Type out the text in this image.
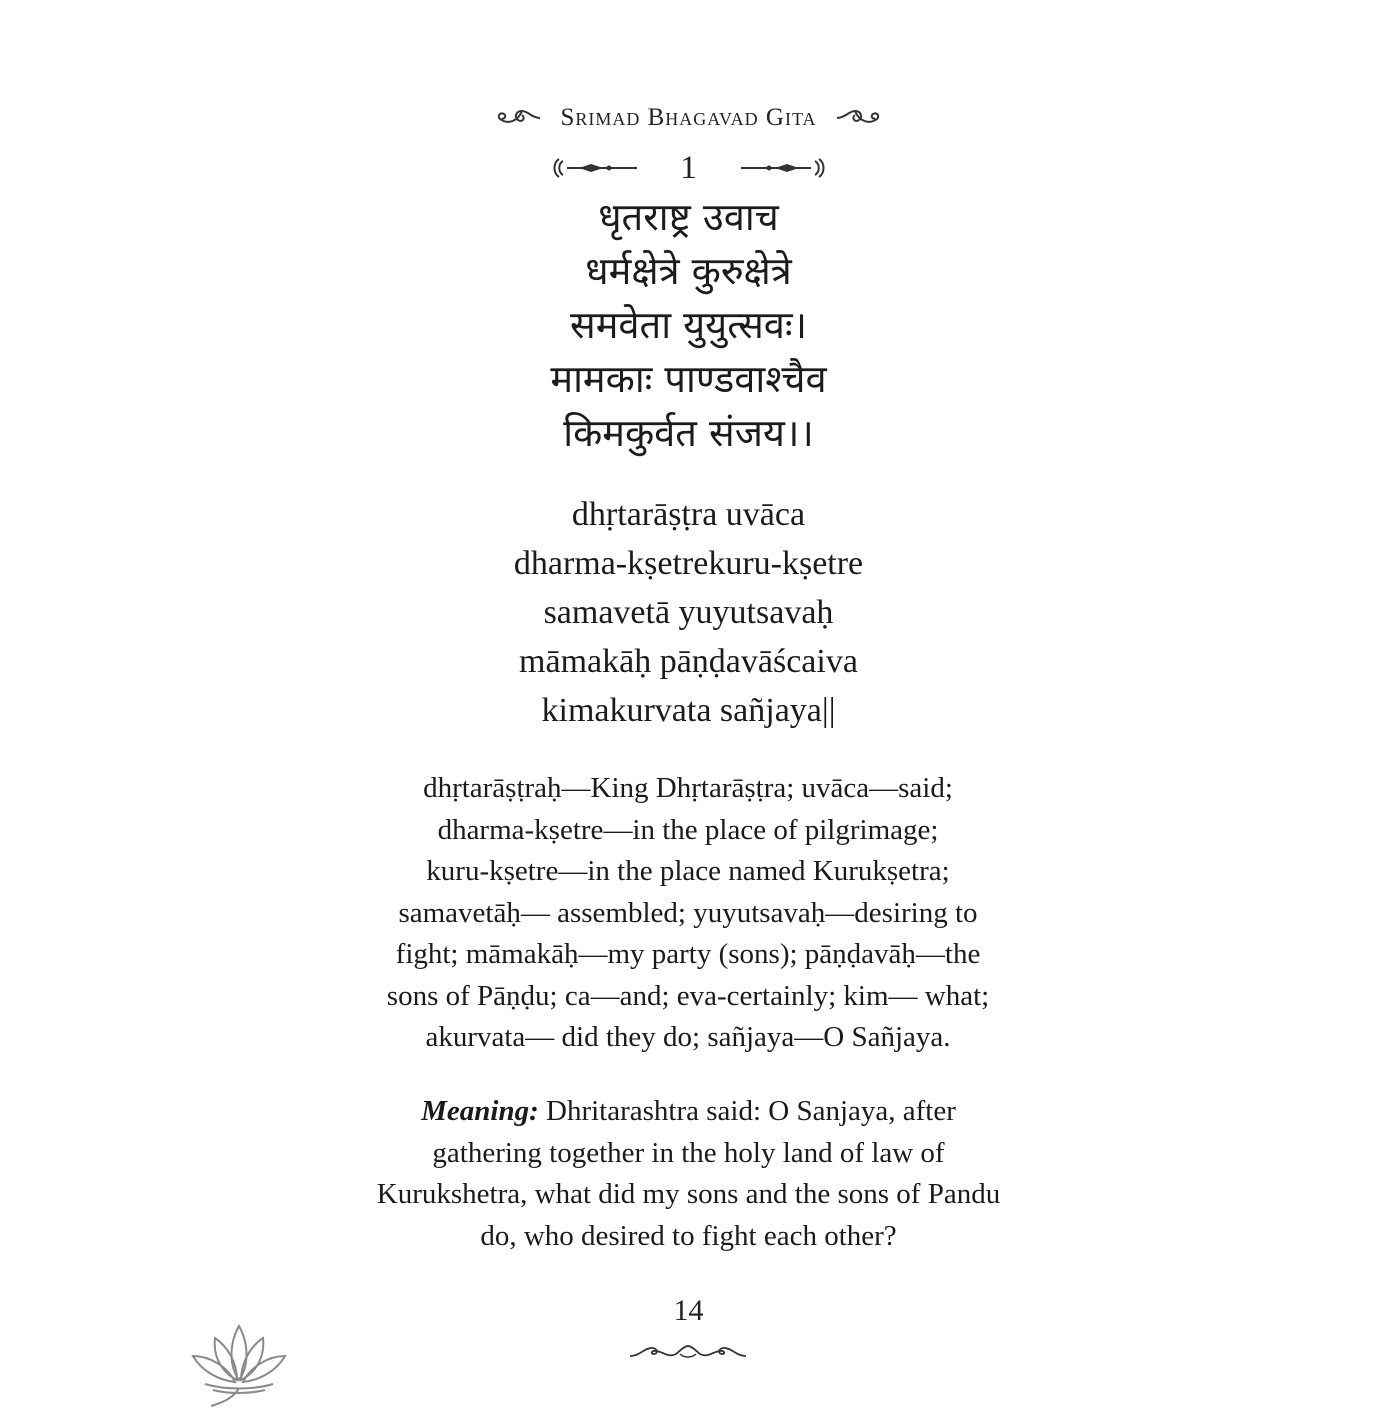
Srimad Bhagavad Gita
1
धृतराष्ट्र उवाच
धर्मक्षेत्रे कुरुक्षेत्रे
समवेता युयुत्सवः।
मामकाः पाण्डवाश्चैव
किमकुर्वत संजय।।
dhṛtarāṣṭra uvāca
dharma-kṣetrekuru-kṣetre
samavetā yuyutsavaḥ
māmakāḥ pāṇḍavāścaiva
kimakurvata sañjaya||
dhṛtarāṣṭraḥ—King Dhṛtarāṣṭra; uvāca—said;
dharma-kṣetre—in the place of pilgrimage;
kuru-kṣetre—in the place named Kurukṣetra;
samavetāḥ— assembled; yuyutsavaḥ—desiring to
fight; māmakāḥ—my party (sons); pāṇḍavāḥ—the
sons of Pāṇḍu; ca—and; eva-certainly; kim— what;
akurvata— did they do; sañjaya—O Sañjaya.
Meaning: Dhritarashtra said: O Sanjaya, after
gathering together in the holy land of law of
Kurukshetra, what did my sons and the sons of Pandu
do, who desired to fight each other?
14
